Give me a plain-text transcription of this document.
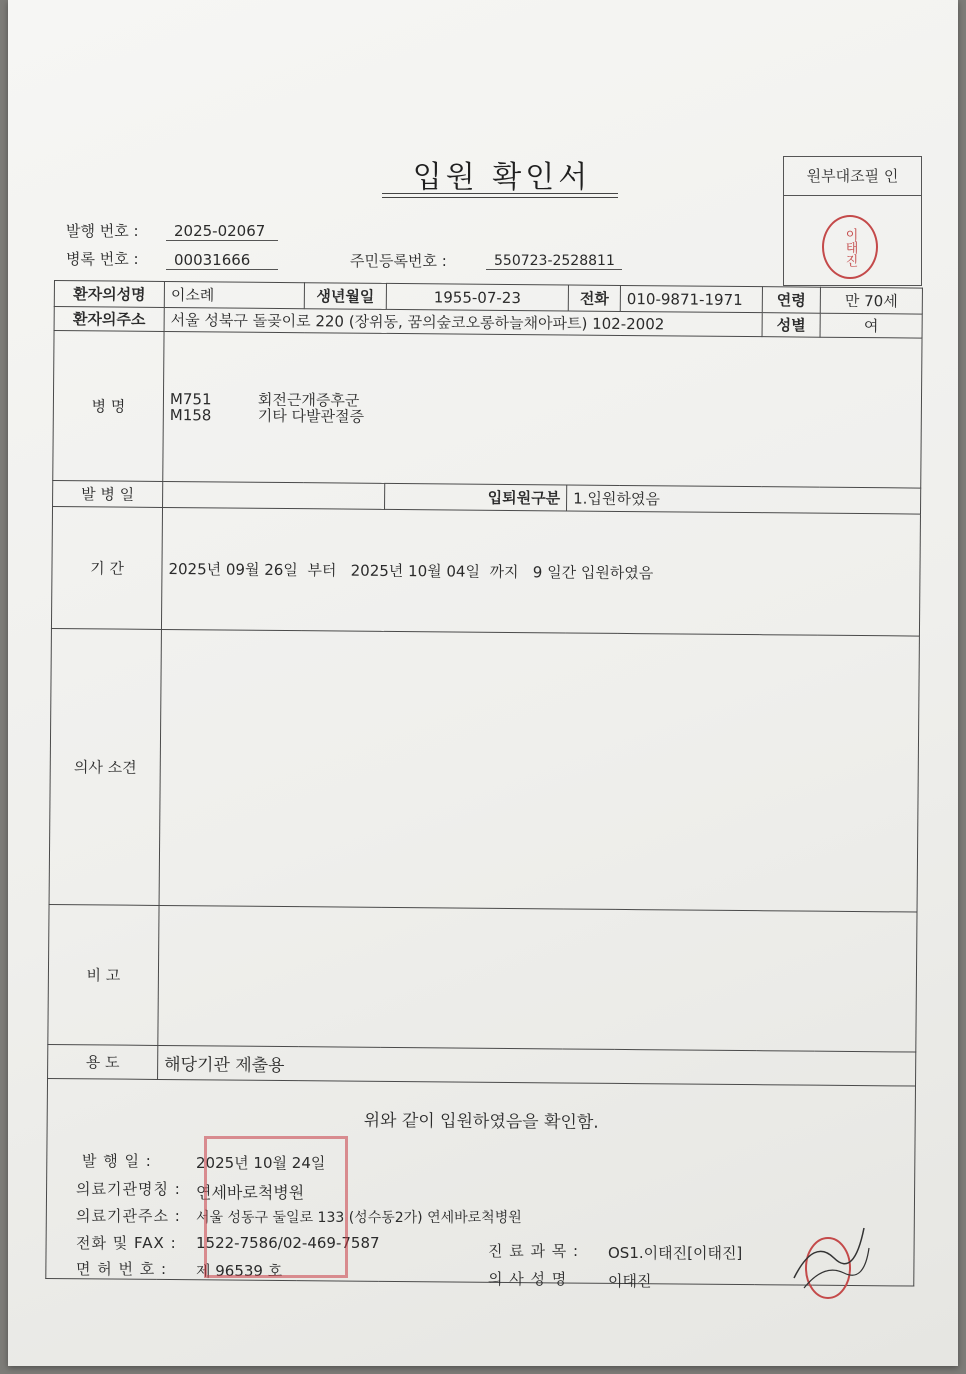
입원 확인서	원부대조필 인
이태진
발행 번호 :	2025-02067
병록 번호 :	00031666	주민등록번호 :	550723-2528811
환자의성명	이소례	생년월일	1955-07-23	전화	010-9871-1971	연령	만 70세
환자의주소	서울 성북구 돌곶이로 220 (장위동, 꿈의숲코오롱하늘채아파트) 102-2002					성별	여
병 명	M751 회전근개증후군
M158 기타 다발관절증						

발 병 일			입퇴원구분	1.입원하였음			
기 간	2025년 09월 26일  부터   2025년 10월 04일  까지   9 일간 입원하였음						
의사 소견							
비 고							
용 도	해당기관 제출용						
위와 같이 입원하였음을 확인함.							
발 행 일 :	2025년 10월 24일
의료기관명칭 : 연세바로척병원
의료기관주소 : 서울 성동구 둘일로 133 (성수동2가) 연세바로척병원
전화 및 FAX : 1522-7586/02-469-7587
면 허 번 호 : 제 96539 호
진 료 과 목 : OS1.이태진[이태진]
의 사 성 명	이태진
